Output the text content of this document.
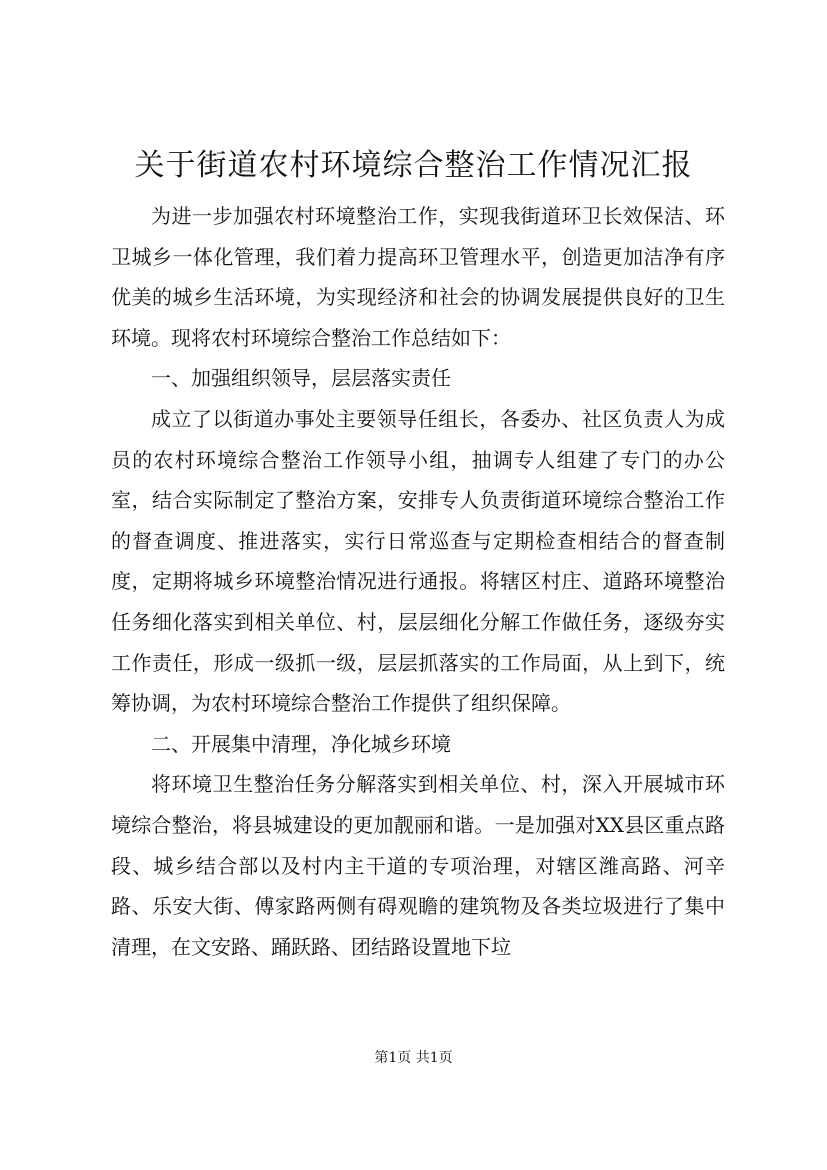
关于街道农村环境综合整治工作情况汇报

为进一步加强农村环境整治工作，实现我街道环卫长效保洁、环卫城乡一体化管理，我们着力提高环卫管理水平，创造更加洁净有序优美的城乡生活环境，为实现经济和社会的协调发展提供良好的卫生环境。现将农村环境综合整治工作总结如下：

一、加强组织领导，层层落实责任

成立了以街道办事处主要领导任组长，各委办、社区负责人为成员的农村环境综合整治工作领导小组，抽调专人组建了专门的办公室，结合实际制定了整治方案，安排专人负责街道环境综合整治工作的督查调度、推进落实，实行日常巡查与定期检查相结合的督查制度，定期将城乡环境整治情况进行通报。将辖区村庄、道路环境整治任务细化落实到相关单位、村，层层细化分解工作做任务，逐级夯实工作责任，形成一级抓一级，层层抓落实的工作局面，从上到下，统筹协调，为农村环境综合整治工作提供了组织保障。

二、开展集中清理，净化城乡环境

将环境卫生整治任务分解落实到相关单位、村，深入开展城市环境综合整治，将县城建设的更加靓丽和谐。一是加强对XX县区重点路段、城乡结合部以及村内主干道的专项治理，对辖区潍高路、河辛路、乐安大街、傅家路两侧有碍观瞻的建筑物及各类垃圾进行了集中清理，在文安路、踊跃路、团结路设置地下垃

第1页 共1页
